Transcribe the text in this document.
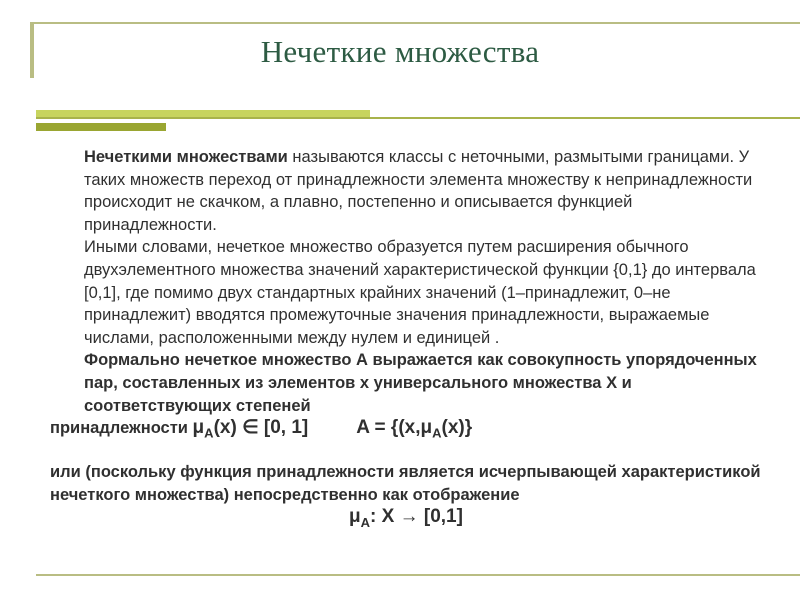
Нечеткие множества

Нечеткими множествами называются классы с неточными, размытыми границами. У таких множеств переход от принадлежности элемента множеству к непринадлежности происходит не скачком, а плавно, постепенно и описывается функцией принадлежности.

Иными словами, нечеткое множество образуется путем расширения обычного двухэлементного множества значений характеристической функции {0,1} до интервала [0,1], где помимо двух стандартных крайних значений (1–принадлежит, 0–не принадлежит) вводятся промежуточные значения принадлежности, выражаемые числами, расположенными между нулем и единицей .

Формально нечеткое множество А выражается как совокупность упорядоченных пар, составленных из элементов х универсального множества Х и соответствующих степеней

принадлежности $\mu_A(x)$ ∈ [0, 1]	$A = \{(x,\mu_A(x)\}$

или (поскольку функция принадлежности является исчерпывающей характеристикой нечеткого множества) непосредственно как отображение

$\mu_A$: X → [0,1]
